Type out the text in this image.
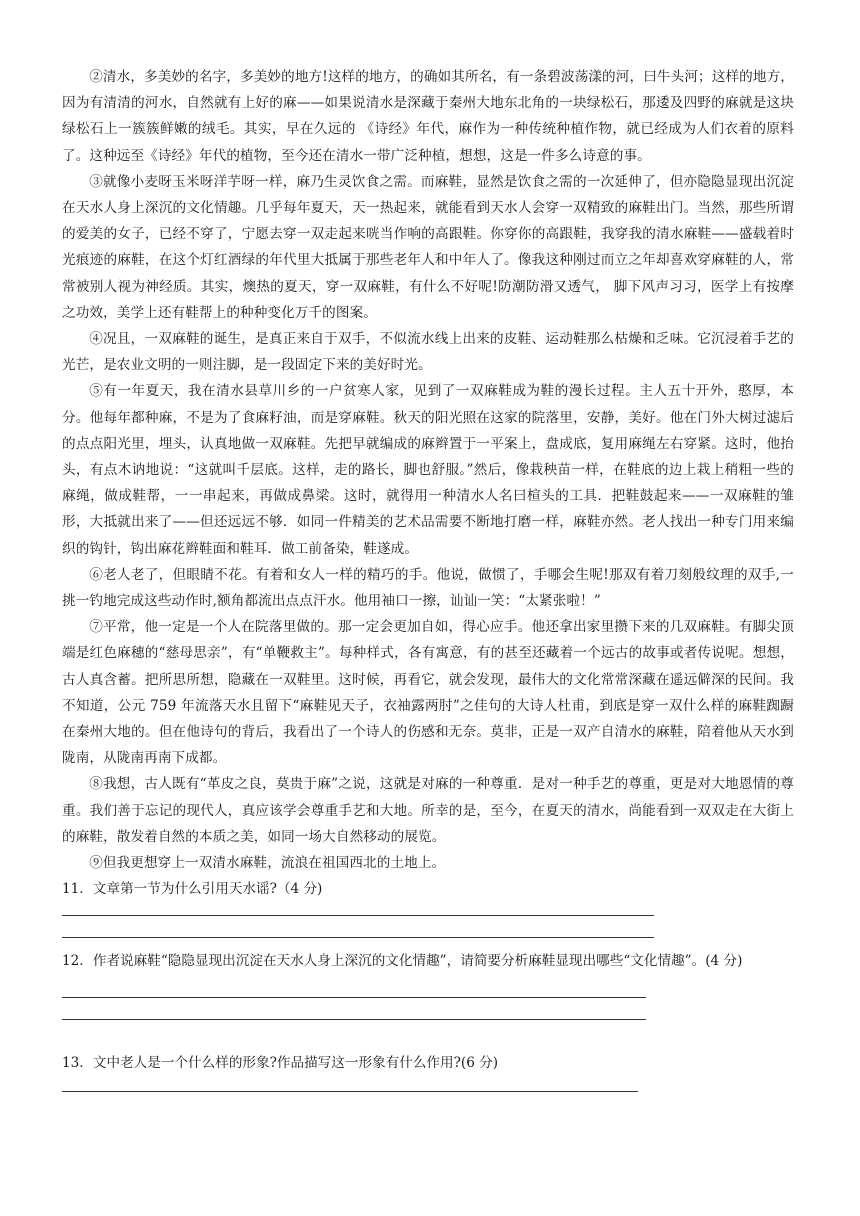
②清水，多美妙的名字，多美妙的地方!这样的地方，的确如其所名，有一条碧波荡漾的河，曰牛头河；这样的地方，因为有清清的河水，自然就有上好的麻——如果说清水是深藏于秦州大地东北角的一块绿松石，那逶及四野的麻就是这块绿松石上一簇簇鲜嫩的绒毛。其实，早在久远的 《诗经》年代，麻作为一种传统种植作物，就已经成为人们衣着的原料了。这种远至《诗经》年代的植物，至今还在清水一带广泛种植，想想，这是一件多么诗意的事。

③就像小麦呀玉米呀洋芋呀一样，麻乃生灵饮食之需。而麻鞋，显然是饮食之需的一次延伸了，但亦隐隐显现出沉淀在天水人身上深沉的文化情趣。几乎每年夏天，天一热起来，就能看到天水人会穿一双精致的麻鞋出门。当然，那些所谓的爱美的女子，已经不穿了，宁愿去穿一双走起来咣当作响的高跟鞋。你穿你的高跟鞋，我穿我的清水麻鞋——盛载着时光痕迹的麻鞋，在这个灯红酒绿的年代里大抵属于那些老年人和中年人了。像我这种刚过而立之年却喜欢穿麻鞋的人，常常被别人视为神经质。其实，燠热的夏天，穿一双麻鞋，有什么不好呢!防潮防滑又透气， 脚下风声习习，医学上有按摩之功效，美学上还有鞋帮上的种种变化万千的图案。

④况且，一双麻鞋的诞生，是真正来自于双手，不似流水线上出来的皮鞋、运动鞋那么枯燥和乏味。它沉浸着手艺的光芒，是农业文明的一则注脚，是一段固定下来的美好时光。

⑤有一年夏天，我在清水县草川乡的一户贫寒人家，见到了一双麻鞋成为鞋的漫长过程。主人五十开外，憨厚，本分。他每年都种麻，不是为了食麻籽油，而是穿麻鞋。秋天的阳光照在这家的院落里，安静，美好。他在门外大树过滤后的点点阳光里，埋头，认真地做一双麻鞋。先把早就编成的麻辫置于一平案上，盘成底，复用麻绳左右穿紧。这时，他抬头，有点木讷地说：“这就叫千层底。这样，走的路长，脚也舒服。”然后，像栽秧苗一样，在鞋底的边上栽上稍粗一些的麻绳，做成鞋帮，一一串起来，再做成鼻梁。这时，就得用一种清水人名曰楦头的工具．把鞋鼓起来——一双麻鞋的雏形，大抵就出来了——但还远远不够．如同一件精美的艺术品需要不断地打磨一样，麻鞋亦然。老人找出一种专门用来编织的钩针，钩出麻花辫鞋面和鞋耳．做工前备染，鞋遂成。

⑥老人老了，但眼睛不花。有着和女人一样的精巧的手。他说，做惯了，手哪会生呢!那双有着刀刻般纹理的双手,一挑一钓地完成这些动作时,额角都流出点点汗水。他用袖口一擦，讪讪一笑：“太紧张啦！”

⑦平常，他一定是一个人在院落里做的。那一定会更加自如，得心应手。他还拿出家里攒下来的几双麻鞋。有脚尖顶端是红色麻穗的“慈母思亲”，有“单鞭救主”。每种样式，各有寓意，有的甚至还藏着一个远古的故事或者传说呢。想想，古人真含蓄。把所思所想，隐藏在一双鞋里。这时候，再看它，就会发现，最伟大的文化常常深藏在遥远僻深的民间。我不知道，公元 759 年流落天水且留下“麻鞋见天子，衣袖露两肘”之佳句的大诗人杜甫，到底是穿一双什么样的麻鞋踟蹰在秦州大地的。但在他诗句的背后，我看出了一个诗人的伤感和无奈。莫非，正是一双产自清水的麻鞋，陪着他从天水到陇南，从陇南再南下成都。

⑧我想，古人既有“革皮之良，莫贵于麻”之说，这就是对麻的一种尊重．是对一种手艺的尊重，更是对大地恩情的尊重。我们善于忘记的现代人，真应该学会尊重手艺和大地。所幸的是，至今，在夏天的清水，尚能看到一双双走在大街上的麻鞋，散发着自然的本质之美，如同一场大自然移动的展览。

⑨但我更想穿上一双清水麻鞋，流浪在祖国西北的土地上。

11．文章第一节为什么引用天水谣?（4 分)

12．作者说麻鞋“隐隐显现出沉淀在天水人身上深沉的文化情趣”，请简要分析麻鞋显现出哪些“文化情趣”。(4 分)

13．文中老人是一个什么样的形象?作品描写这一形象有什么作用?(6 分)
